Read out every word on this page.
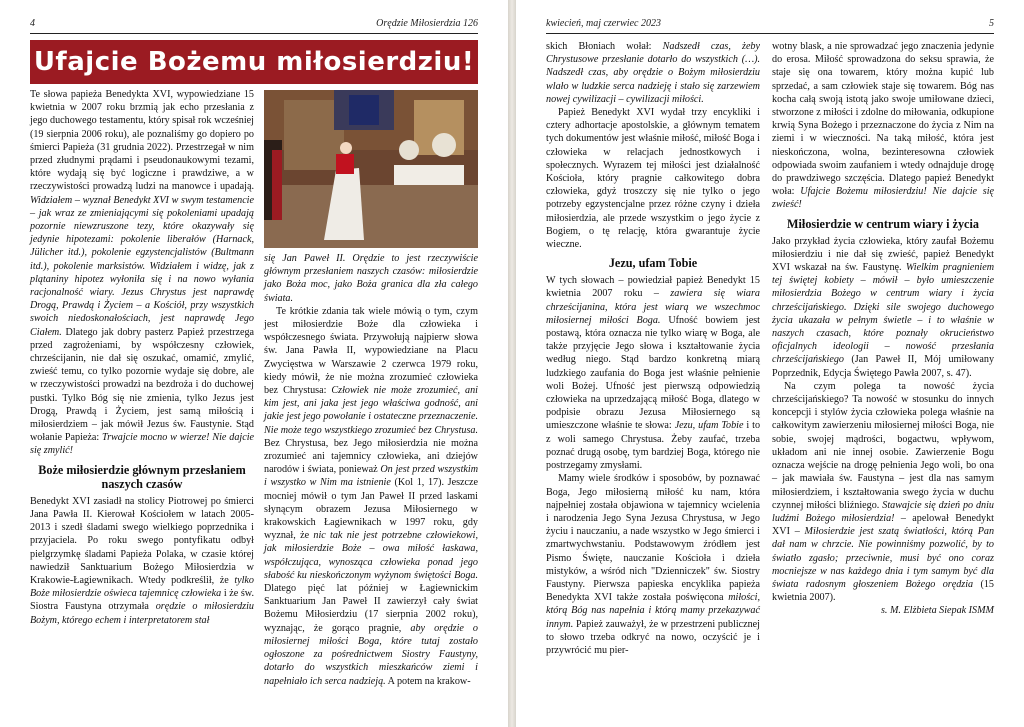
4	Orędzie Miłosierdzia 126
Ufajcie Bożemu miłosierdziu!

Te słowa papieża Benedykta XVI, wypowiedziane 15 kwietnia w 2007 roku brzmią jak echo przesłania z jego duchowego testamentu, który spisał rok wcześniej (19 sierpnia 2006 roku), ale poznaliśmy go dopiero po śmierci Papieża (31 grudnia 2022). Przestrzegał w nim przed złudnymi prądami i pseudonaukowymi tezami, które wydają się być logiczne i prawdziwe, a w rzeczywistości prowadzą ludzi na manowce i upadają. Widziałem – wyznał Benedykt XVI w swym testamencie – jak wraz ze zmieniającymi się pokoleniami upadają pozornie niewzruszone tezy, które okazywały się jedynie hipotezami: pokolenie liberałów (Harnack, Jülicher itd.), pokolenie egzystencjalistów (Bultmann itd.), pokolenie marksistów. Widziałem i widzę, jak z plątaniny hipotez wyłoniła się i na nowo wyłania racjonalność wiary. Jezus Chrystus jest naprawdę Drogą, Prawdą i Życiem – a Kościół, przy wszystkich swoich niedoskonałościach, jest naprawdę Jego Ciałem. Dlatego jak dobry pasterz Papież przestrzega przed zagrożeniami, by współczesny człowiek, chrześcijanin, nie dał się oszukać, omamić, zmylić, zwieść temu, co tylko pozornie wydaje się dobre, ale w rzeczywistości prowadzi na bezdroża i do duchowej pustki. Tylko Bóg się nie zmienia, tylko Jezus jest Drogą, Prawdą i Życiem, jest samą miłością i miłosierdziem – jak mówił Jezus św. Faustynie. Stąd wołanie Papieża: Trwajcie mocno w wierze! Nie dajcie się zmylić!

Boże miłosierdzie głównym przesłaniem naszych czasów

Benedykt XVI zasiadł na stolicy Piotrowej po śmierci Jana Pawła II. Kierował Kościołem w latach 2005-2013 i szedł śladami swego wielkiego poprzednika i przyjaciela. Po roku swego pontyfikatu odbył pielgrzymkę śladami Papieża Polaka, w czasie której nawiedził Sanktuarium Bożego Miłosierdzia w Krakowie-Łagiewnikach. Wtedy podkreślił, że tylko Boże miłosierdzie oświeca tajemnicę człowieka i że św. Siostra Faustyna otrzymała orędzie o miłosierdziu Bożym, którego echem i interpretatorem stał

się Jan Paweł II. Orędzie to jest rzeczywiście głównym przesłaniem naszych czasów: miłosierdzie jako Boża moc, jako Boża granica dla zła całego świata.

Te krótkie zdania tak wiele mówią o tym, czym jest miłosierdzie Boże dla człowieka i współczesnego świata. Przywołują najpierw słowa św. Jana Pawła II, wypowiedziane na Placu Zwycięstwa w Warszawie 2 czerwca 1979 roku, kiedy mówił, że nie można zrozumieć człowieka bez Chrystusa: Człowiek nie może zrozumieć, ani kim jest, ani jaka jest jego właściwa godność, ani jakie jest jego powołanie i ostateczne przeznaczenie. Nie może tego wszystkiego zrozumieć bez Chrystusa. Bez Chrystusa, bez Jego miłosierdzia nie można zrozumieć ani tajemnicy człowieka, ani dziejów narodów i świata, ponieważ On jest przed wszystkim i wszystko w Nim ma istnienie (Kol 1, 17). Jeszcze mocniej mówił o tym Jan Paweł II przed laskami słynącym obrazem Jezusa Miłosiernego w krakowskich Łagiewnikach w 1997 roku, gdy wyznał, że nic tak nie jest potrzebne człowiekowi, jak miłosierdzie Boże – owa miłość łaskawa, współczująca, wynosząca człowieka ponad jego słabość ku nieskończonym wyżynom świętości Boga. Dlatego pięć lat później w Łagiewnickim Sanktuarium Jan Paweł II zawierzył cały świat Bożemu Miłosierdziu (17 sierpnia 2002 roku), wyznając, że gorąco pragnie, aby orędzie o miłosiernej miłości Boga, które tutaj zostało ogłoszone za pośrednictwem Siostry Faustyny, dotarło do wszystkich mieszkańców ziemi i napełniało ich serca nadzieją. A potem na krakow-

kwiecień, maj czerwiec 2023	5

skich Błoniach wołał: Nadszedł czas, żeby Chrystusowe przesłanie dotarło do wszystkich (…). Nadszedł czas, aby orędzie o Bożym miłosierdziu wlało w ludzkie serca nadzieję i stało się zarzewiem nowej cywilizacji – cywilizacji miłości.

Papież Benedykt XVI wydał trzy encykliki i cztery adhortacje apostolskie, a głównym tematem tych dokumentów jest właśnie miłość, miłość Boga i człowieka w relacjach jednostkowych i społecznych. Wyrazem tej miłości jest działalność Kościoła, który pragnie całkowitego dobra człowieka, gdyż troszczy się nie tylko o jego potrzeby egzystencjalne przez różne czyny i dzieła miłosierdzia, ale przede wszystkim o jego życie z Bogiem, o tę relację, która gwarantuje życie wieczne.

Jezu, ufam Tobie

W tych słowach – powiedział papież Benedykt 15 kwietnia 2007 roku – zawiera się wiara chrześcijanina, która jest wiarą we wszechmoc miłosiernej miłości Boga. Ufność bowiem jest postawą, która oznacza nie tylko wiarę w Boga, ale także przyjęcie Jego słowa i kształtowanie życia według niego. Stąd bardzo konkretną miarą ludzkiego zaufania do Boga jest właśnie pełnienie woli Bożej. Ufność jest pierwszą odpowiedzią człowieka na uprzedzającą miłość Boga, dlatego w podpisie obrazu Jezusa Miłosiernego są umieszczone właśnie te słowa: Jezu, ufam Tobie i to z woli samego Chrystusa. Żeby zaufać, trzeba poznać drugą osobę, tym bardziej Boga, którego nie postrzegamy zmysłami.

Mamy wiele środków i sposobów, by poznawać Boga, Jego miłosierną miłość ku nam, która najpełniej została objawiona w tajemnicy wcielenia i narodzenia Jego Syna Jezusa Chrystusa, w Jego życiu i nauczaniu, a nade wszystko w Jego śmierci i zmartwychwstaniu. Podstawowym źródłem jest Pismo Święte, nauczanie Kościoła i dzieła mistyków, a wśród nich "Dzienniczek" św. Siostry Faustyny. Pierwsza papieska encyklika papieża Benedykta XVI także została poświęcona miłości, którą Bóg nas napełnia i którą mamy przekazywać innym. Papież zauważył, że w przestrzeni publicznej to słowo trzeba odkryć na nowo, oczyścić je i przywrócić mu pier-

wotny blask, a nie sprowadzać jego znaczenia jedynie do erosa. Miłość sprowadzona do seksu sprawia, że staje się ona towarem, który można kupić lub sprzedać, a sam człowiek staje się towarem. Bóg nas kocha całą swoją istotą jako swoje umiłowane dzieci, stworzone z miłości i zdolne do miłowania, odkupione krwią Syna Bożego i przeznaczone do życia z Nim na ziemi i w wieczności. Na taką miłość, która jest nieskończona, wolna, bezinteresowna człowiek odpowiada swoim zaufaniem i wtedy odnajduje drogę do prawdziwego szczęścia. Dlatego papież Benedykt woła: Ufajcie Bożemu miłosierdziu! Nie dajcie się zwieść!

Miłosierdzie w centrum wiary i życia

Jako przykład życia człowieka, który zaufał Bożemu miłosierdziu i nie dał się zwieść, papież Benedykt XVI wskazał na św. Faustynę. Wielkim pragnieniem tej świętej kobiety – mówił – było umieszczenie miłosierdzia Bożego w centrum wiary i życia chrześcijańskiego. Dzięki sile swojego duchowego życia ukazała w pełnym świetle – i to właśnie w naszych czasach, które poznały okrucieństwo oficjalnych ideologii – nowość przesłania chrześcijańskiego (Jan Paweł II, Mój umiłowany Poprzednik, Edycja Świętego Pawła 2007, s. 47).

Na czym polega ta nowość życia chrześcijańskiego? Ta nowość w stosunku do innych koncepcji i stylów życia człowieka polega właśnie na całkowitym zawierzeniu miłosiernej miłości Boga, nie sobie, swojej mądrości, bogactwu, wpływom, układom ani nie innej osobie. Zawierzenie Bogu oznacza wejście na drogę pełnienia Jego woli, bo ona – jak mawiała św. Faustyna – jest dla nas samym miłosierdziem, i kształtowania swego życia w duchu czynnej miłości bliźniego. Stawajcie się dzień po dniu ludźmi Bożego miłosierdzia! – apelował Benedykt XVI – Miłosierdzie jest szatą światłości, którą Pan dał nam w chrzcie. Nie powinniśmy pozwolić, by to światło zgasło; przeciwnie, musi być ono coraz mocniejsze w nas każdego dnia i tym samym być dla świata radosnym głoszeniem Bożego orędzia (15 kwietnia 2007).

s. M. Elżbieta Siepak ISMM
